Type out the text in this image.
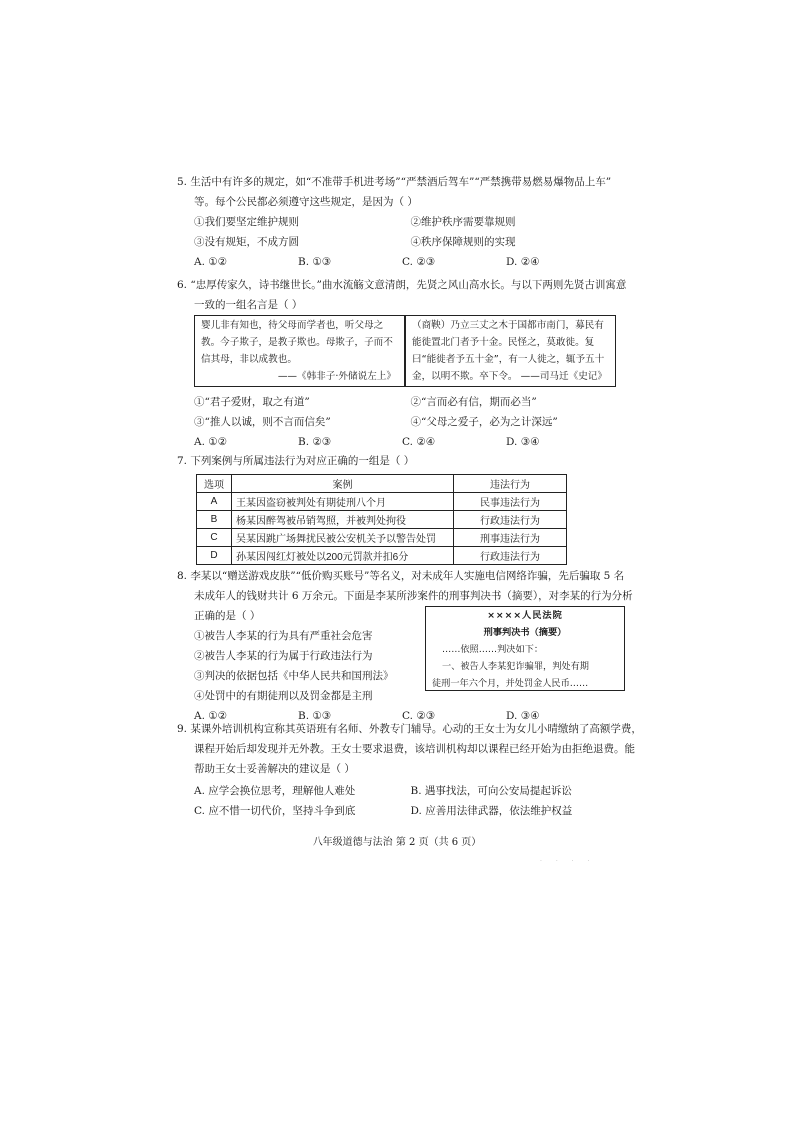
5. 生活中有许多的规定，如“不准带手机进考场”“严禁酒后驾车”“严禁携带易燃易爆物品上车”
等。每个公民都必须遵守这些规定，是因为（ ）
①我们要坚定维护规则	②维护秩序需要靠规则
③没有规矩，不成方圆	④秩序保障规则的实现
A. ①②	B. ①③	C. ②③	D. ②④
6. “忠厚传家久，诗书继世长。”曲水流觞文意清朗，先贤之风山高水长。与以下两则先贤古训寓意
一致的一组名言是（ ）
婴儿非有知也，待父母而学者也，听父母之教。今子欺子，是教子欺也。母欺子，子而不信其母，非以成教也。
——《韩非子·外储说左上》
（商鞅）乃立三丈之木于国都市南门，募民有能徙置北门者予十金。民怪之，莫敢徙。复曰“能徙者予五十金”，有一人徙之，辄予五十金，以明不欺。卒下令。 ——司马迁《史记》
①“君子爱财，取之有道”	②“言而必有信，期而必当”
③“推人以诚，则不言而信矣”	④“父母之爱子，必为之计深远”
A. ①②	B. ②③	C. ②④	D. ③④
7. 下列案例与所属违法行为对应正确的一组是（ ）
选项	案例	违法行为
A	王某因盗窃被判处有期徒刑八个月	民事违法行为
B	杨某因醉驾被吊销驾照，并被判处拘役	行政违法行为
C	吴某因跳广场舞扰民被公安机关予以警告处罚	刑事违法行为
D	孙某因闯红灯被处以200元罚款并扣6分	行政违法行为
8. 李某以“赠送游戏皮肤”“低价购买账号”等名义，对未成年人实施电信网络诈骗，先后骗取 5 名
未成年人的钱财共计 6 万余元。下面是李某所涉案件的刑事判决书（摘要），对李某的行为分析
正确的是（ ）
①被告人李某的行为具有严重社会危害
②被告人李某的行为属于行政违法行为
③判决的依据包括《中华人民共和国刑法》
④处罚中的有期徒刑以及罚金都是主刑
A. ①②	B. ①③	C. ②③	D. ③④
××××人民法院
刑事判决书（摘要）
……依照……判决如下：
一、被告人李某犯诈骗罪，判处有期
徒刑一年六个月，并处罚金人民币……
9. 某课外培训机构宣称其英语班有名师、外教专门辅导。心动的王女士为女儿小晴缴纳了高额学费，
课程开始后却发现并无外教。王女士要求退费，该培训机构却以课程已经开始为由拒绝退费。能
帮助王女士妥善解决的建议是（ ）
A. 应学会换位思考，理解他人难处	B. 遇事找法，可向公安局提起诉讼
C. 应不惜一切代价，坚持斗争到底	D. 应善用法律武器，依法维护权益
八年级道德与法治 第 2 页（共 6 页）
· · · ·
